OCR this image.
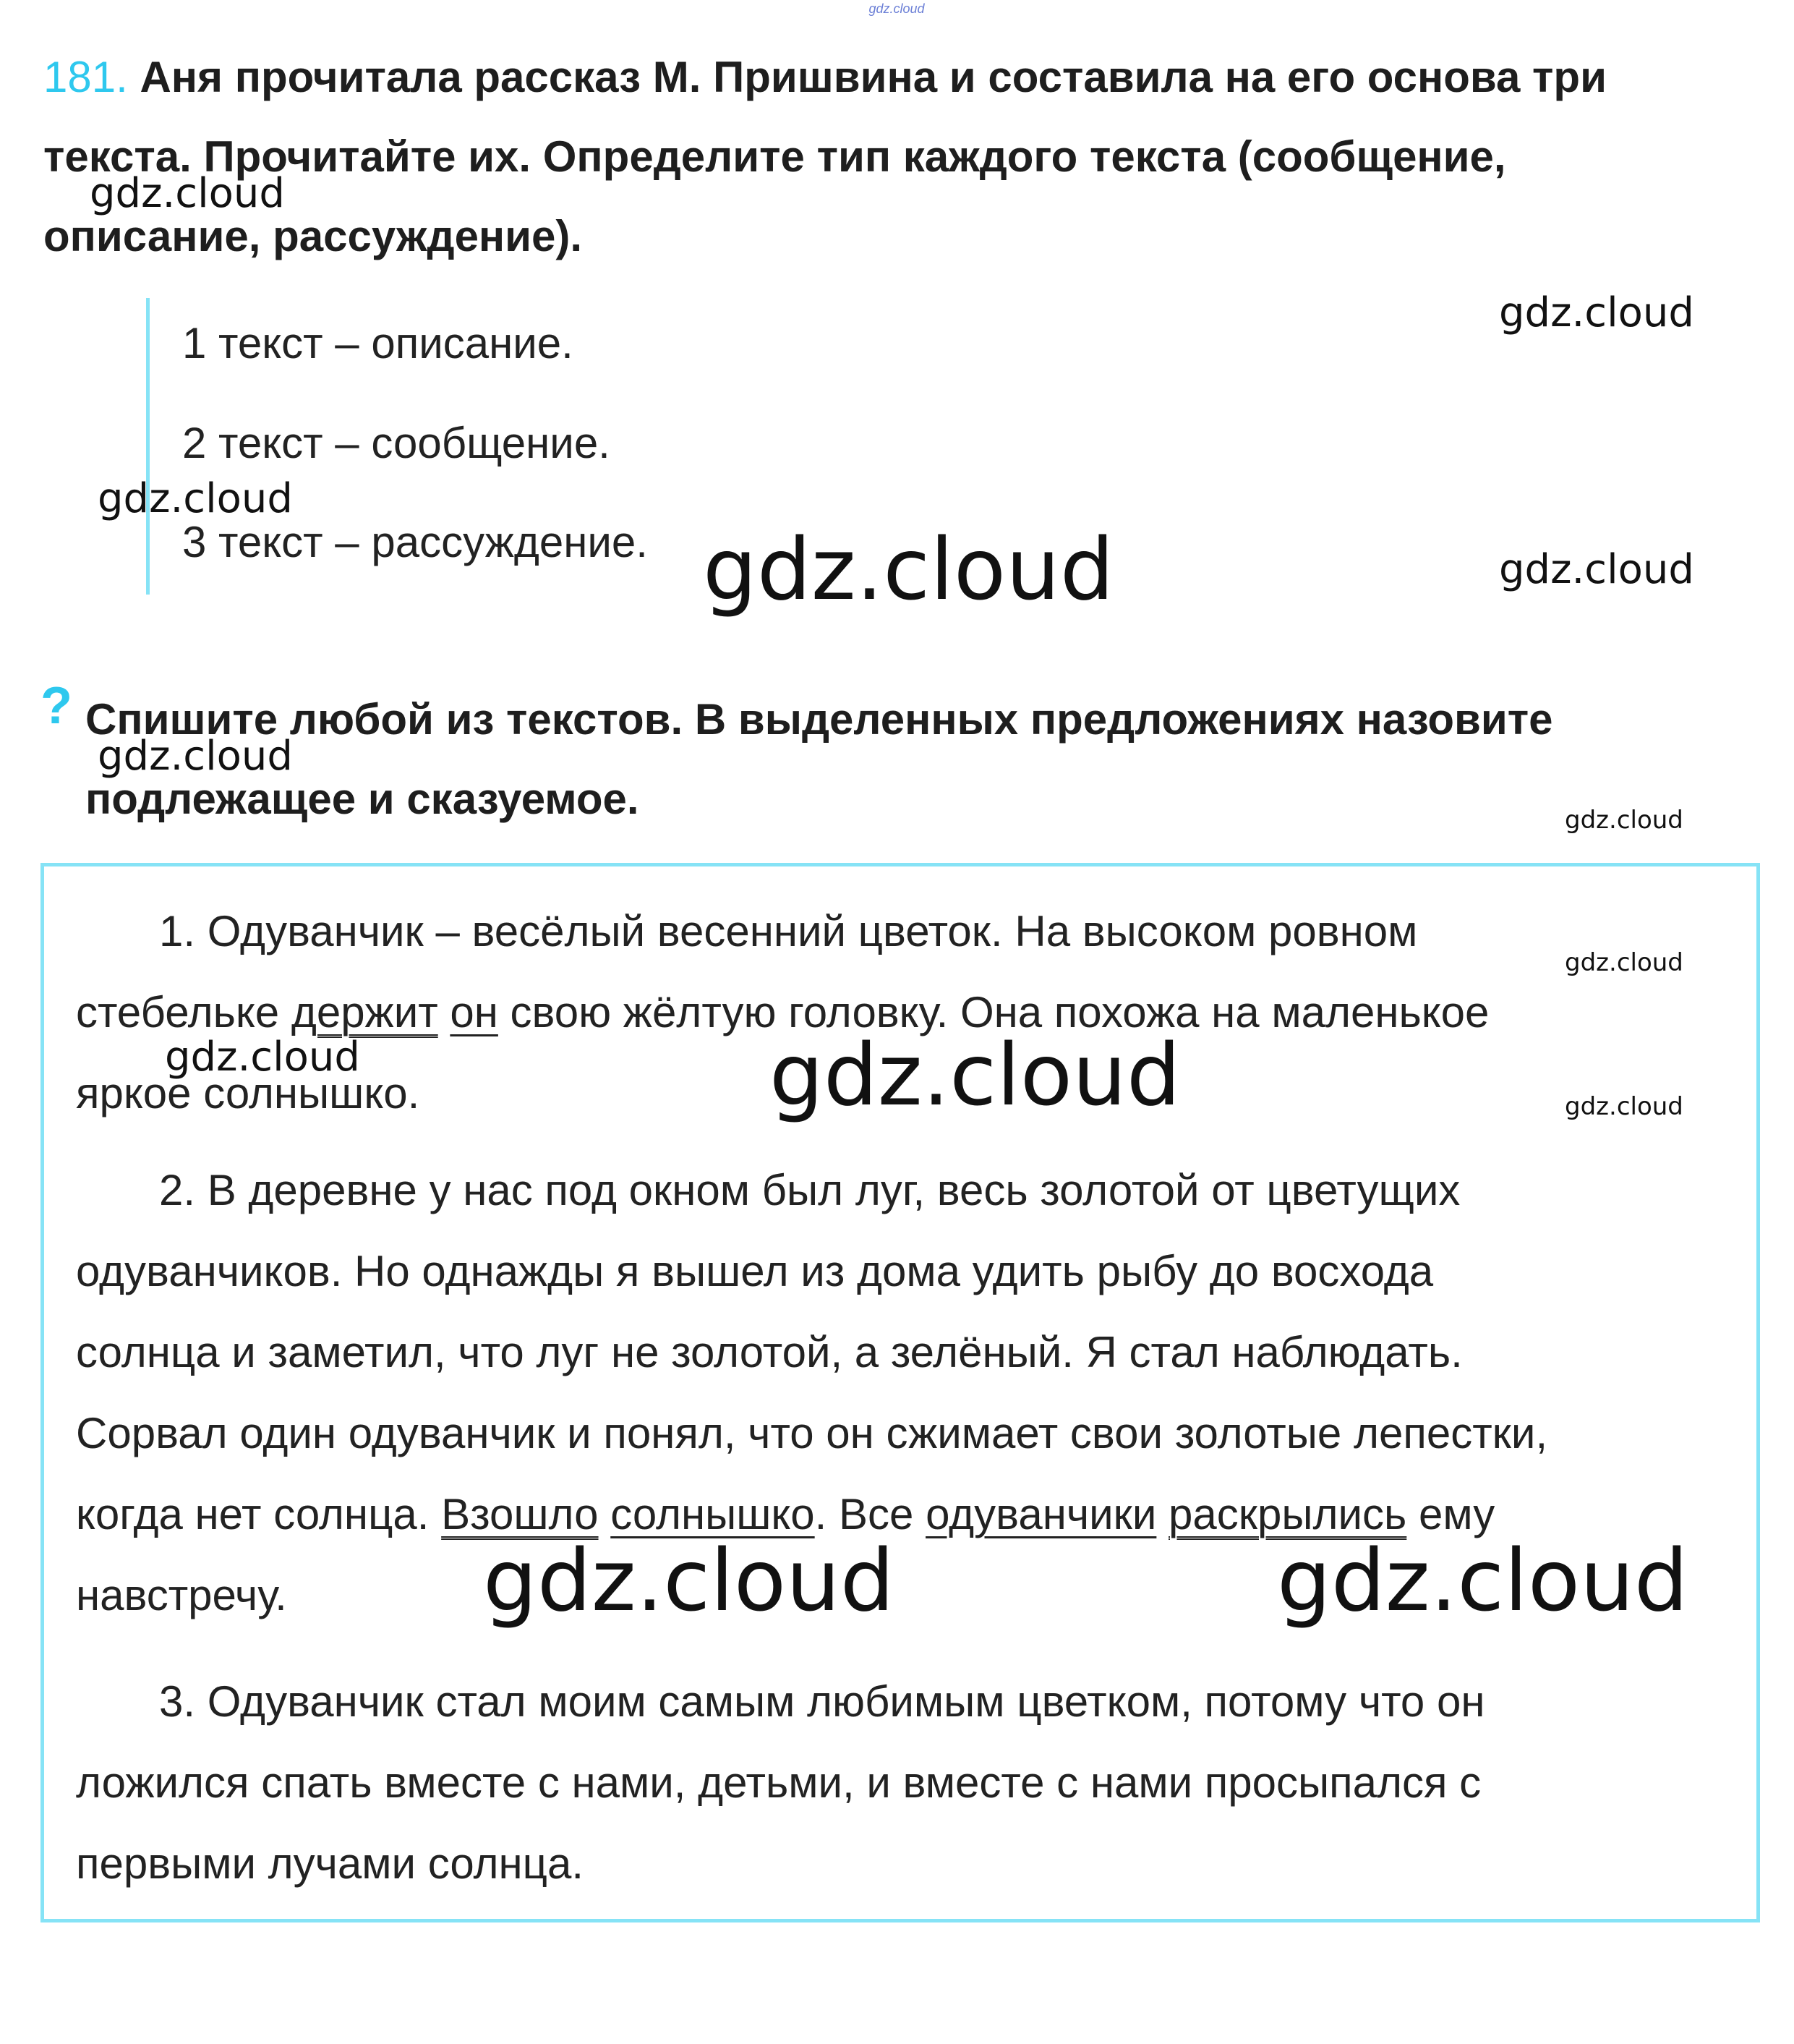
gdz.cloud
181. Аня прочитала рассказ М. Пришвина и составила на его основа три
текста. Прочитайте их. Определите тип каждого текста (сообщение,
описание, рассуждение).
1 текст – описание.
2 текст – сообщение.
3 текст – рассуждение.
? Спишите любой из текстов. В выделенных предложениях назовите
подлежащее и сказуемое.
1. Одуванчик – весёлый весенний цветок. На высоком ровном
стебельке держит он свою жёлтую головку. Она похожа на маленькое
яркое солнышко.
2. В деревне у нас под окном был луг, весь золотой от цветущих
одуванчиков. Но однажды я вышел из дома удить рыбу до восхода
солнца и заметил, что луг не золотой, а зелёный. Я стал наблюдать.
Сорвал один одуванчик и понял, что он сжимает свои золотые лепестки,
когда нет солнца. Взошло солнышко. Все одуванчики раскрылись ему
навстречу.
3. Одуванчик стал моим самым любимым цветком, потому что он
ложился спать вместе с нами, детьми, и вместе с нами просыпался с
первыми лучами солнца.
gdz.cloud
gdz.cloud
gdz.cloud
gdz.cloud	gdz.cloud
gdz.cloud
gdz.cloud
gdz.cloud
gdz.cloud	gdz.cloud	gdz.cloud
gdz.cloud	gdz.cloud
